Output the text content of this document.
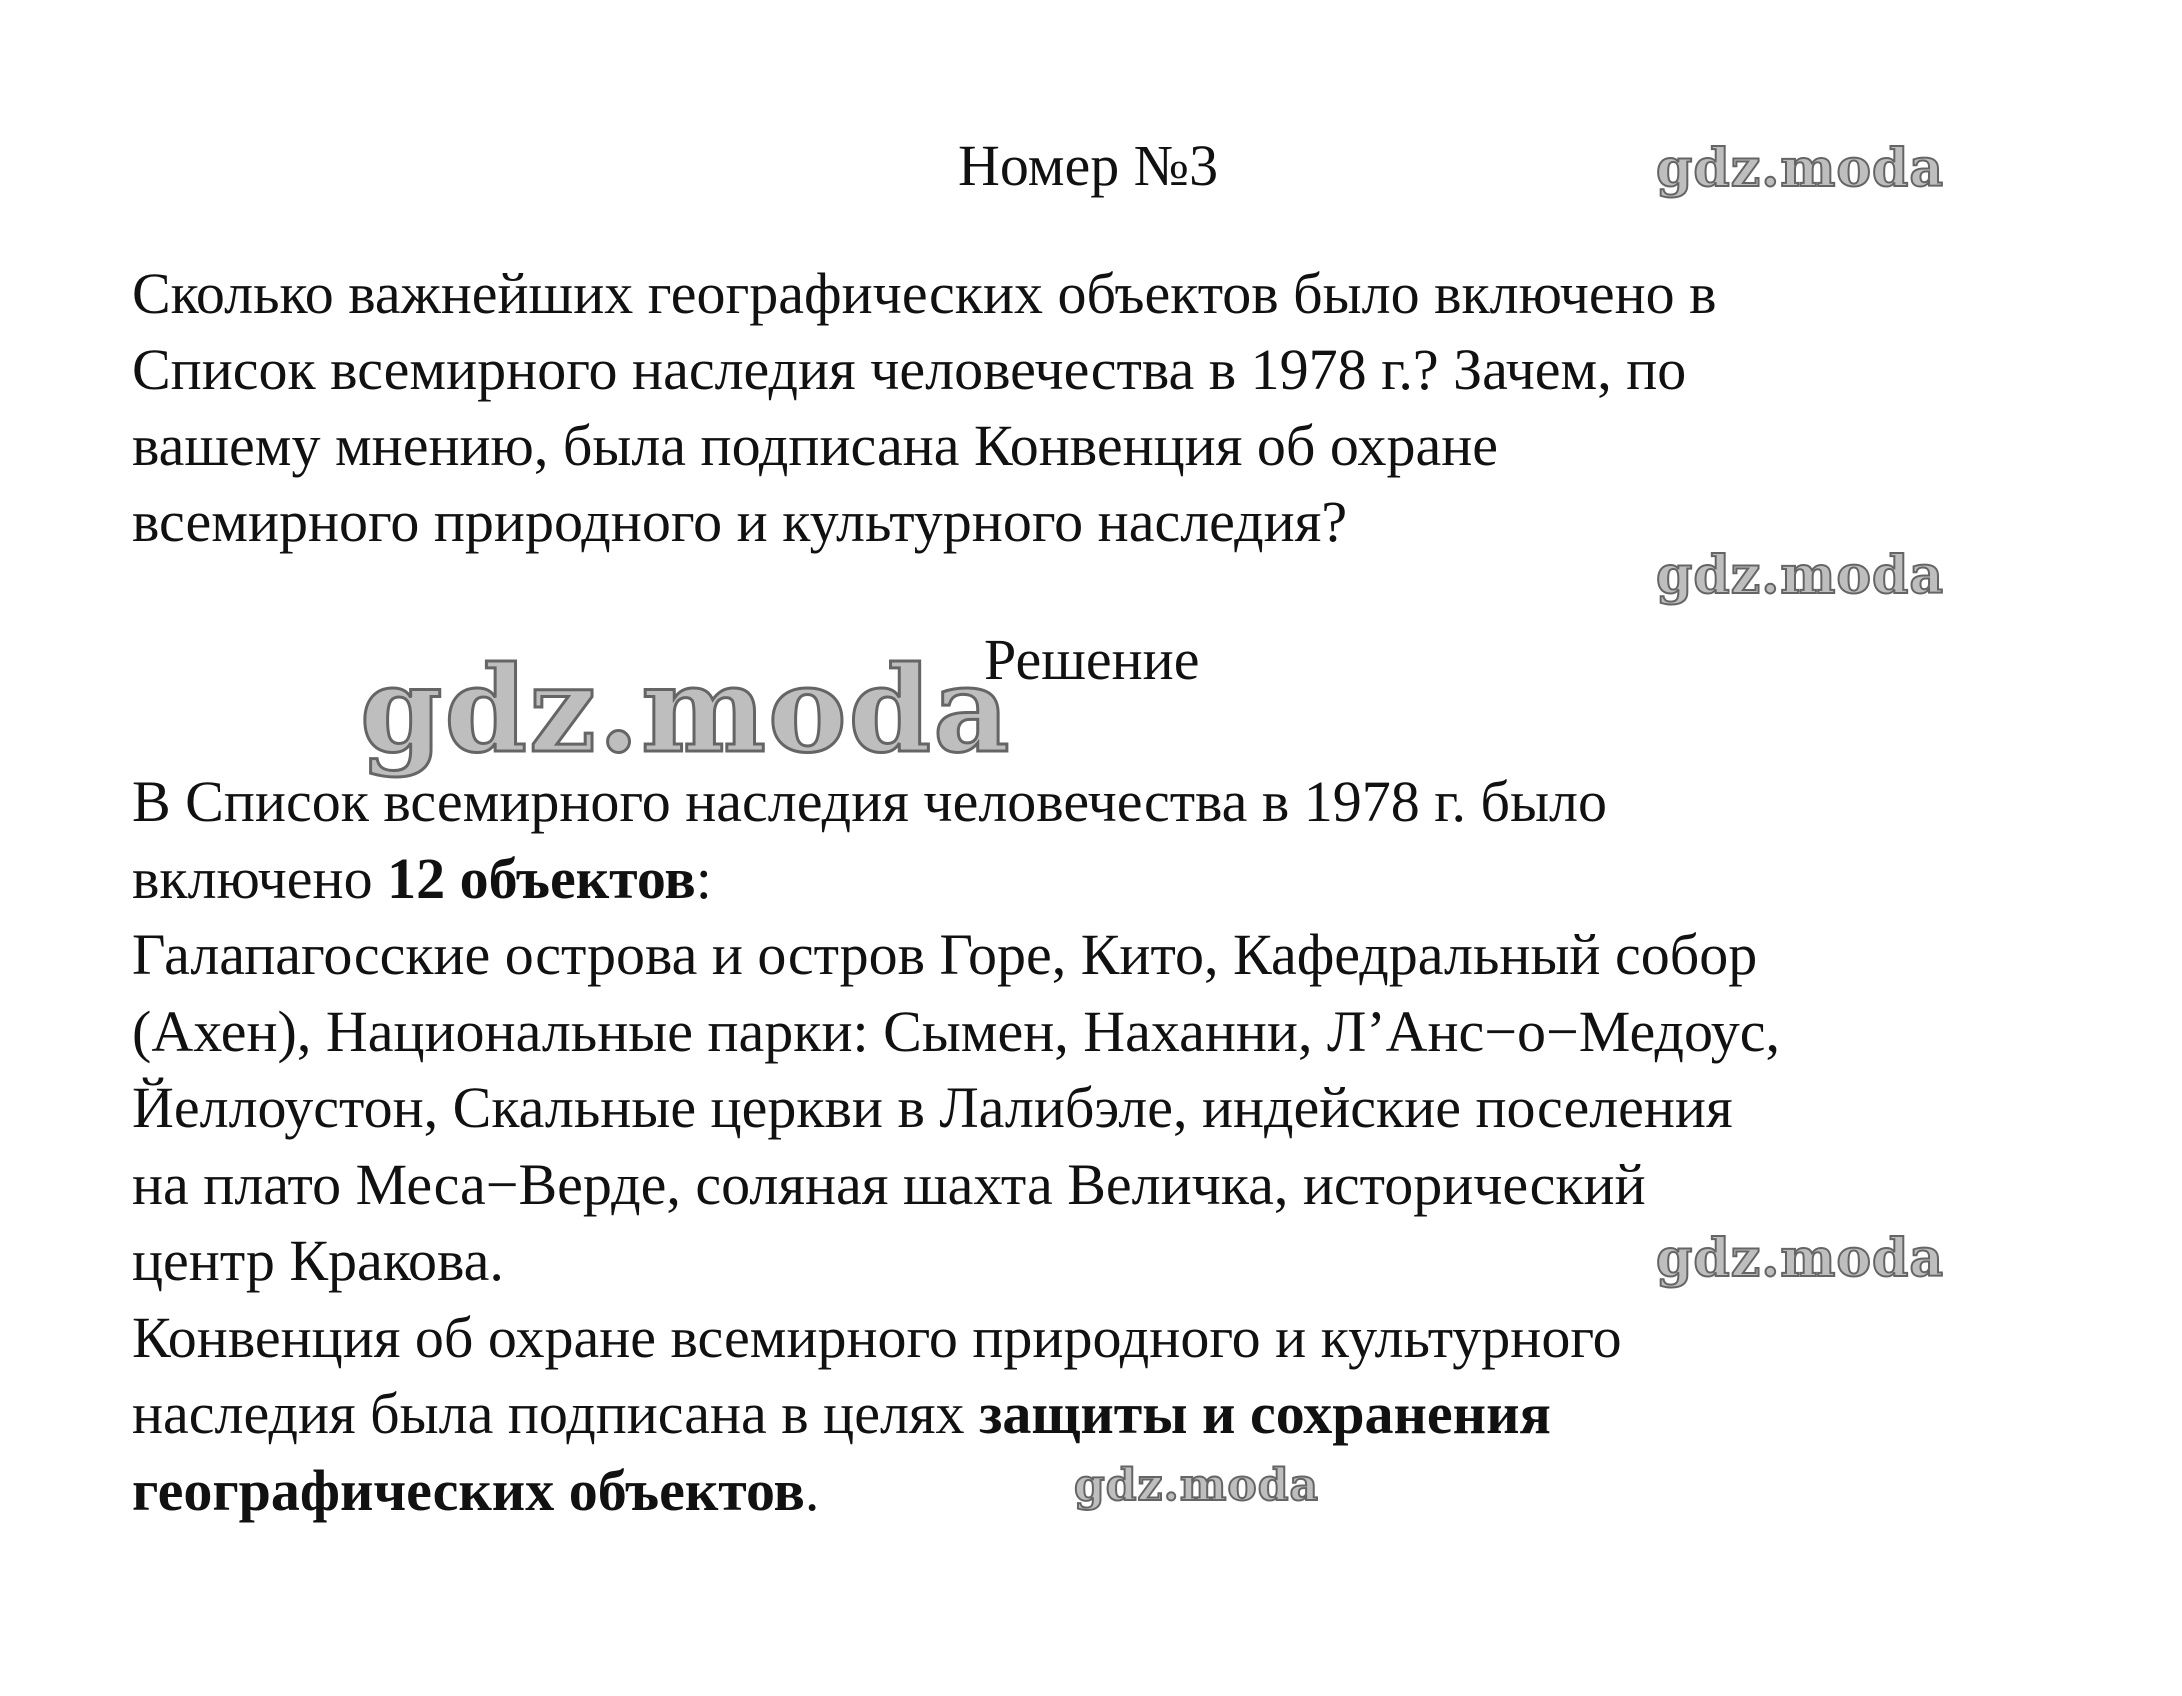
Номер №3
Сколько важнейших географических объектов было включено в
Список всемирного наследия человечества в 1978 г.? Зачем, по
вашему мнению, была подписана Конвенция об охране
всемирного природного и культурного наследия?
Решение
В Список всемирного наследия человечества в 1978 г. было
включено 12 объектов:
Галапагосские острова и остров Горе, Кито, Кафедральный собор
(Ахен), Национальные парки: Сымен, Наханни, Л’Анс−о−Медоус,
Йеллоустон, Скальные церкви в Лалибэле, индейские поселения
на плато Меса−Верде, соляная шахта Величка, исторический
центр Кракова.
Конвенция об охране всемирного природного и культурного
наследия была подписана в целях защиты и сохранения
географических объектов.
gdz.moda
gdz.moda
gdz.moda
gdz.moda
gdz.moda
